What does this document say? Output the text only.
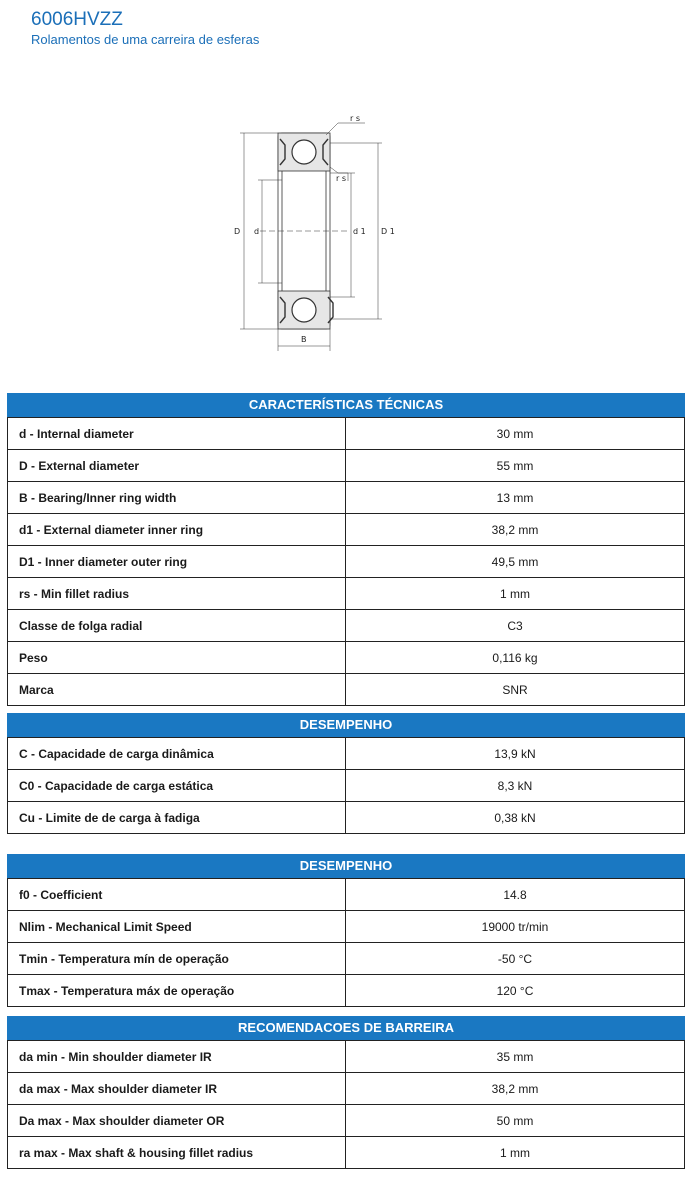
6006HVZZ
Rolamentos de uma carreira de esferas
r s
r s
D d	d 1 D 1
B
CARACTERÍSTICAS TÉCNICAS
d - Internal diameter	30 mm
D - External diameter	55 mm
B - Bearing/Inner ring width	13 mm
d1 - External diameter inner ring	38,2 mm
D1 - Inner diameter outer ring	49,5 mm
rs - Min fillet radius	1 mm
Classe de folga radial	C3
Peso	0,116 kg
Marca	SNR
DESEMPENHO
C - Capacidade de carga dinâmica	13,9 kN
C0 - Capacidade de carga estática	8,3 kN
Cu - Limite de de carga à fadiga	0,38 kN
DESEMPENHO
f0 - Coefficient	14.8
Nlim - Mechanical Limit Speed	19000 tr/min
Tmin - Temperatura mín de operação	-50 °C
Tmax - Temperatura máx de operação	120 °C
RECOMENDACOES DE BARREIRA
da min - Min shoulder diameter IR	35 mm
da max - Max shoulder diameter IR	38,2 mm
Da max - Max shoulder diameter OR	50 mm
ra max - Max shaft & housing fillet radius	1 mm
